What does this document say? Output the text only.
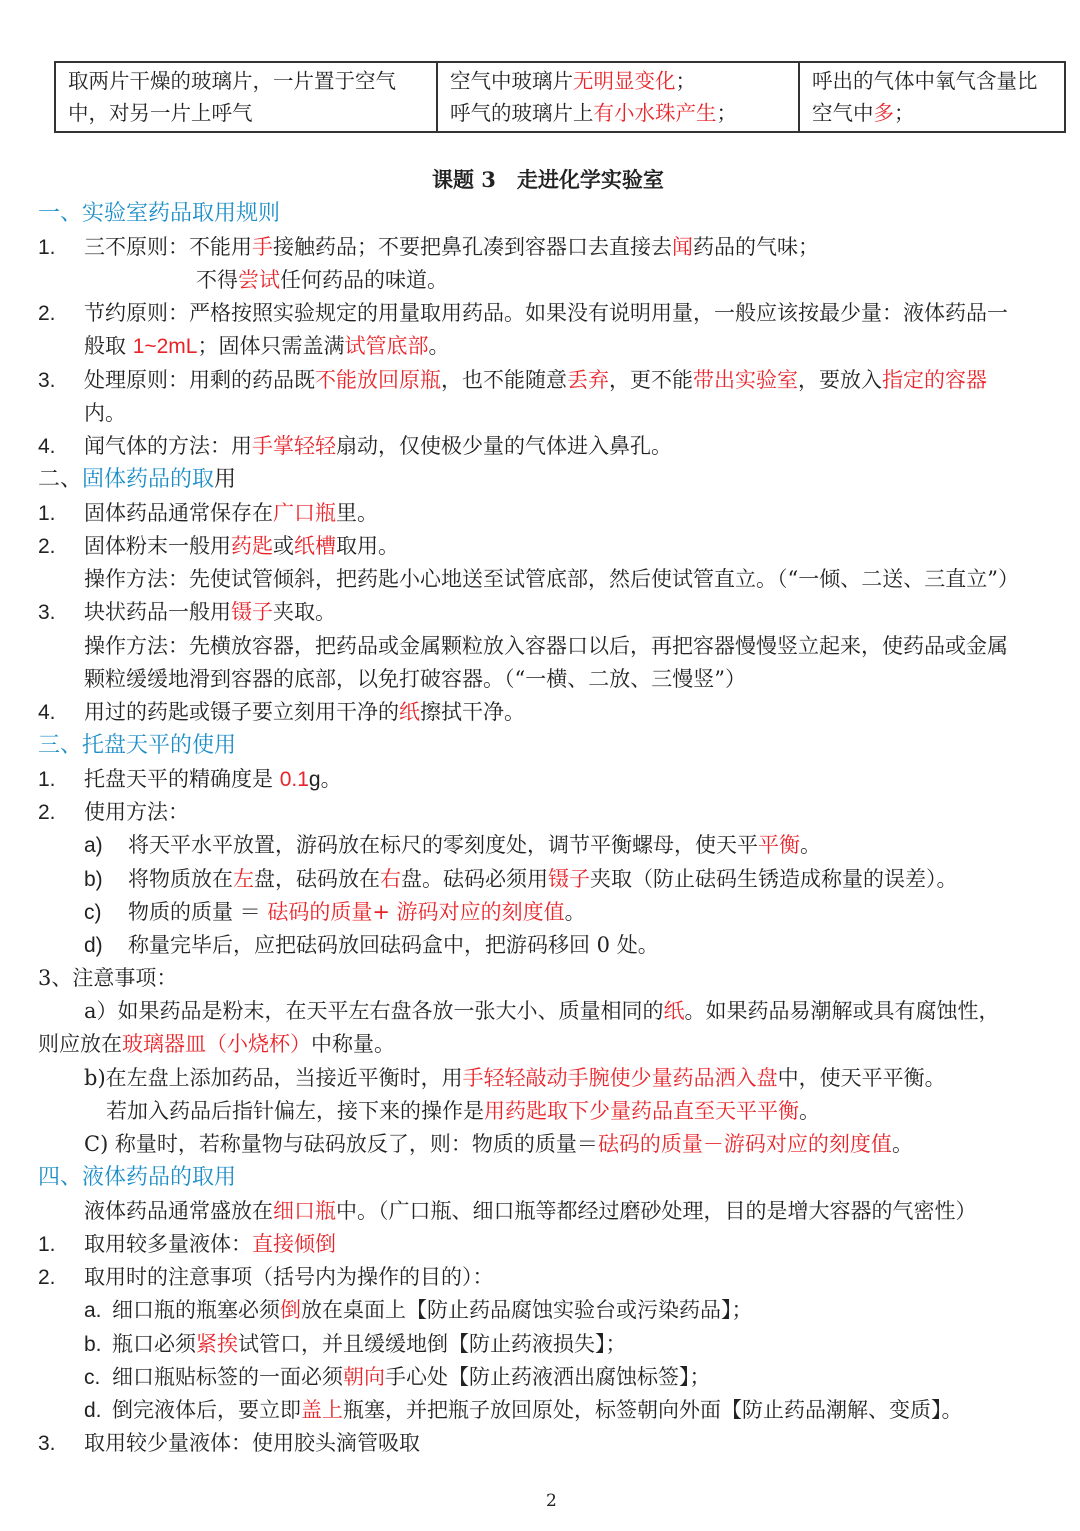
取两片干燥的玻璃片，一片置于空气
中，对另一片上呼气

空气中玻璃片无明显变化；
呼气的玻璃片上有小水珠产生；

呼出的气体中氧气含量比
空气中多；
课题 3　走进化学实验室
一、实验室药品取用规则
1. 三不原则：不能用手接触药品；不要把鼻孔凑到容器口去直接去闻药品的气味；
不得尝试任何药品的味道。
2. 节约原则：严格按照实验规定的用量取用药品。如果没有说明用量，一般应该按最少量：液体药品一
般取 1~2mL；固体只需盖满试管底部。
3. 处理原则：用剩的药品既不能放回原瓶，也不能随意丢弃，更不能带出实验室，要放入指定的容器
内。
4. 闻气体的方法：用手掌轻轻扇动，仅使极少量的气体进入鼻孔。
二、固体药品的取用
1. 固体药品通常保存在广口瓶里。
2. 固体粉末一般用药匙或纸槽取用。
操作方法：先使试管倾斜，把药匙小心地送至试管底部，然后使试管直立。（“一倾、二送、三直立”）
3. 块状药品一般用镊子夹取。
操作方法：先横放容器，把药品或金属颗粒放入容器口以后，再把容器慢慢竖立起来，使药品或金属
颗粒缓缓地滑到容器的底部，以免打破容器。（“一横、二放、三慢竖”）
4. 用过的药匙或镊子要立刻用干净的纸擦拭干净。
三、托盘天平的使用
1. 托盘天平的精确度是 0.1g。
2. 使用方法：
a) 将天平水平放置，游码放在标尺的零刻度处，调节平衡螺母，使天平平衡。
b) 将物质放在左盘，砝码放在右盘。砝码必须用镊子夹取（防止砝码生锈造成称量的误差）。
c) 物质的质量 ＝ 砝码的质量+ 游码对应的刻度值。
d) 称量完毕后，应把砝码放回砝码盒中，把游码移回 0 处。
3、注意事项：
a）如果药品是粉末，在天平左右盘各放一张大小、质量相同的纸。如果药品易潮解或具有腐蚀性，
则应放在玻璃器皿（小烧杯）中称量。
b)在左盘上添加药品，当接近平衡时，用手轻轻敲动手腕使少量药品洒入盘中，使天平平衡。
若加入药品后指针偏左，接下来的操作是用药匙取下少量药品直至天平平衡。
C) 称量时，若称量物与砝码放反了，则：物质的质量＝砝码的质量－游码对应的刻度值。
四、液体药品的取用
液体药品通常盛放在细口瓶中。（广口瓶、细口瓶等都经过磨砂处理，目的是增大容器的气密性）
1. 取用较多量液体：直接倾倒
2. 取用时的注意事项（括号内为操作的目的）：
a. 细口瓶的瓶塞必须倒放在桌面上【防止药品腐蚀实验台或污染药品】；
b. 瓶口必须紧挨试管口，并且缓缓地倒【防止药液损失】；
c. 细口瓶贴标签的一面必须朝向手心处【防止药液洒出腐蚀标签】；
d. 倒完液体后，要立即盖上瓶塞，并把瓶子放回原处，标签朝向外面【防止药品潮解、变质】。
3. 取用较少量液体：使用胶头滴管吸取
2
